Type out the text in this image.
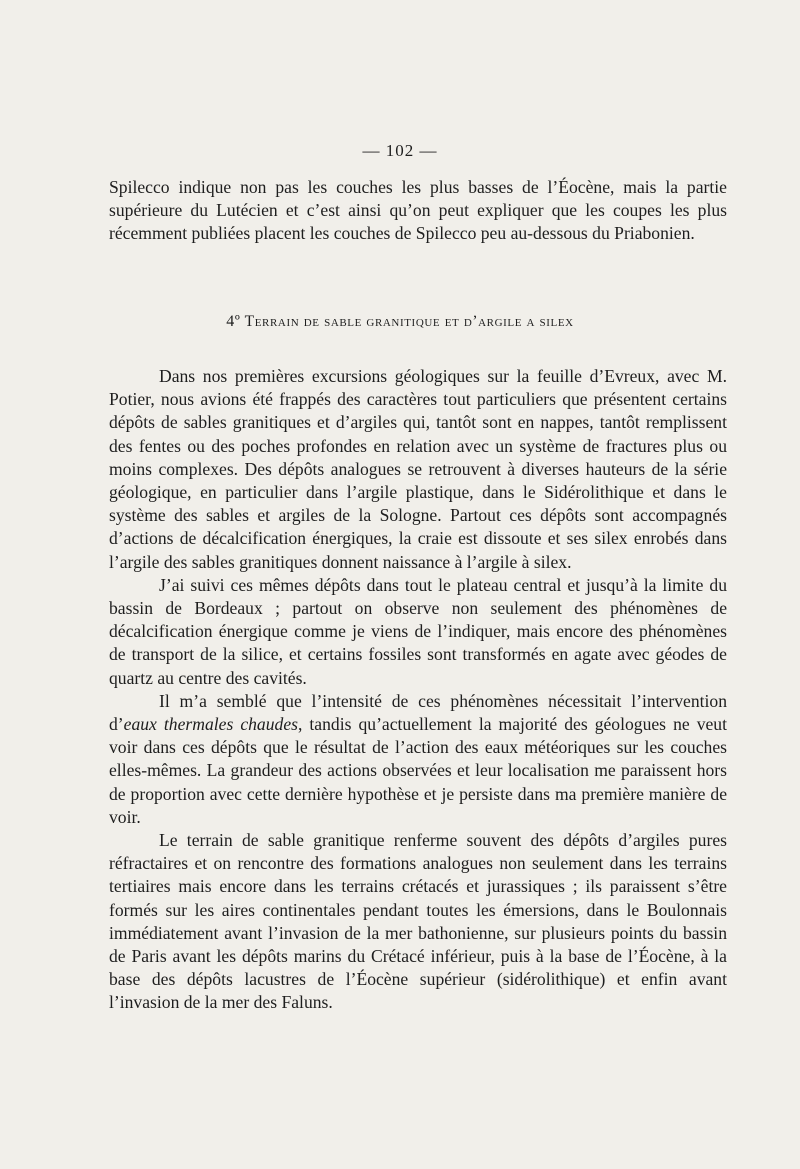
— 102 —

Spilecco indique non pas les couches les plus basses de l’Éocène, mais la partie supérieure du Lutécien et c’est ainsi qu’on peut expliquer que les coupes les plus récemment publiées placent les couches de Spilecco peu au-dessous du Priabonien.

4º Terrain de sable granitique et d’argile a silex

Dans nos premières excursions géologiques sur la feuille d’Evreux, avec M. Potier, nous avions été frappés des caractères tout particuliers que présentent certains dépôts de sables granitiques et d’argiles qui, tantôt sont en nappes, tantôt remplissent des fentes ou des poches profondes en relation avec un système de fractures plus ou moins complexes. Des dépôts analogues se retrouvent à diverses hauteurs de la série géologique, en particulier dans l’argile plastique, dans le Sidérolithique et dans le système des sables et argiles de la Sologne. Partout ces dépôts sont accompagnés d’actions de décalcification énergiques, la craie est dissoute et ses silex enrobés dans l’argile des sables granitiques donnent naissance à l’argile à silex.

J’ai suivi ces mêmes dépôts dans tout le plateau central et jusqu’à la limite du bassin de Bordeaux ; partout on observe non seulement des phénomènes de décalcification énergique comme je viens de l’indiquer, mais encore des phénomènes de transport de la silice, et certains fossiles sont transformés en agate avec géodes de quartz au centre des cavités.

Il m’a semblé que l’intensité de ces phénomènes nécessitait l’intervention d’eaux thermales chaudes, tandis qu’actuellement la majorité des géologues ne veut voir dans ces dépôts que le résultat de l’action des eaux météoriques sur les couches elles-mêmes. La grandeur des actions observées et leur localisation me paraissent hors de proportion avec cette dernière hypothèse et je persiste dans ma première manière de voir.

Le terrain de sable granitique renferme souvent des dépôts d’argiles pures réfractaires et on rencontre des formations analogues non seulement dans les terrains tertiaires mais encore dans les terrains crétacés et jurassiques ; ils paraissent s’être formés sur les aires continentales pendant toutes les émersions, dans le Boulonnais immédiatement avant l’invasion de la mer bathonienne, sur plusieurs points du bassin de Paris avant les dépôts marins du Crétacé inférieur, puis à la base de l’Éocène, à la base des dépôts lacustres de l’Éocène supérieur (sidérolithique) et enfin avant l’invasion de la mer des Faluns.
